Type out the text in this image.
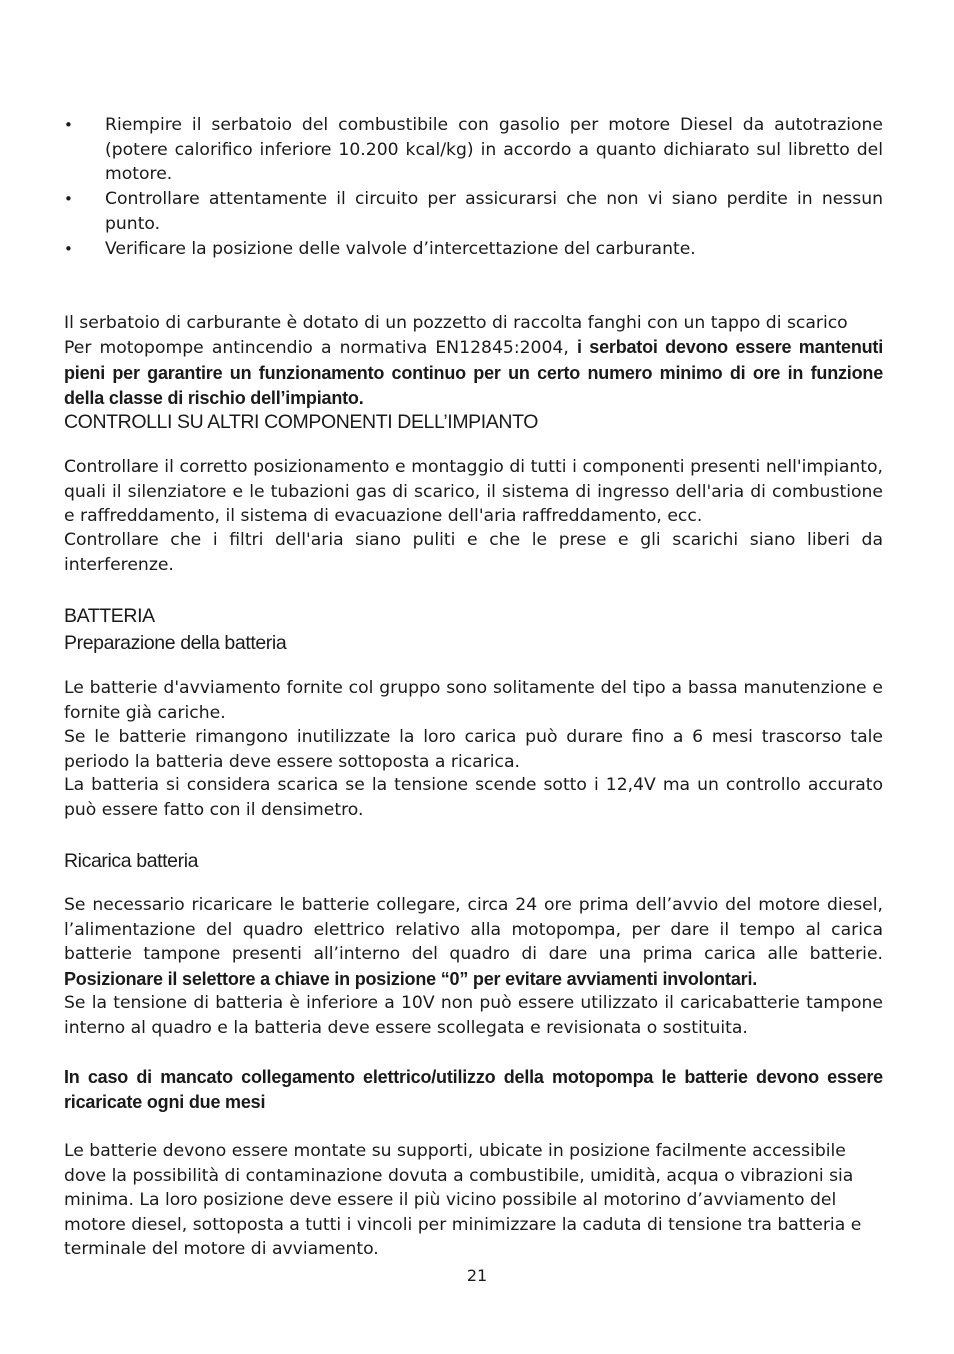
• Riempire il serbatoio del combustibile con gasolio per motore Diesel da autotrazione (potere calorifico inferiore 10.200 kcal/kg) in accordo a quanto dichiarato sul libretto del motore.
• Controllare attentamente il circuito per assicurarsi che non vi siano perdite in nessun punto.
• Verificare la posizione delle valvole d’intercettazione del carburante.
Il serbatoio di carburante è dotato di un pozzetto di raccolta fanghi con un tappo di scarico
Per motopompe antincendio a normativa EN12845:2004, i serbatoi devono essere mantenuti pieni per garantire un funzionamento continuo per un certo numero minimo di ore in funzione della classe di rischio dell’impianto.
CONTROLLI SU ALTRI COMPONENTI DELL’IMPIANTO
Controllare il corretto posizionamento e montaggio di tutti i componenti presenti nell'impianto, quali il silenziatore e le tubazioni gas di scarico, il sistema di ingresso dell'aria di combustione e raffreddamento, il sistema di evacuazione dell'aria raffreddamento, ecc.
Controllare che i filtri dell'aria siano puliti e che le prese e gli scarichi siano liberi da interferenze.
BATTERIA
Preparazione della batteria
Le batterie d'avviamento fornite col gruppo sono solitamente del tipo a bassa manutenzione e fornite già cariche.
Se le batterie rimangono inutilizzate la loro carica può durare fino a 6 mesi trascorso tale periodo la batteria deve essere sottoposta a ricarica.
La batteria si considera scarica se la tensione scende sotto i 12,4V ma un controllo accurato può essere fatto con il densimetro.
Ricarica batteria
Se necessario ricaricare le batterie collegare, circa 24 ore prima dell’avvio del motore diesel, l’alimentazione del quadro elettrico relativo alla motopompa, per dare il tempo al carica batterie tampone presenti all’interno del quadro di dare una prima carica alle batterie. Posizionare il selettore a chiave in posizione “0” per evitare avviamenti involontari.
Se la tensione di batteria è inferiore a 10V non può essere utilizzato il caricabatterie tampone interno al quadro e la batteria deve essere scollegata e revisionata o sostituita.
In caso di mancato collegamento elettrico/utilizzo della motopompa le batterie devono essere ricaricate ogni due mesi
Le batterie devono essere montate su supporti, ubicate in posizione facilmente accessibile dove la possibilità di contaminazione dovuta a combustibile, umidità, acqua o vibrazioni sia minima. La loro posizione deve essere il più vicino possibile al motorino d’avviamento del motore diesel, sottoposta a tutti i vincoli per minimizzare la caduta di tensione tra batteria e terminale del motore di avviamento.
21
